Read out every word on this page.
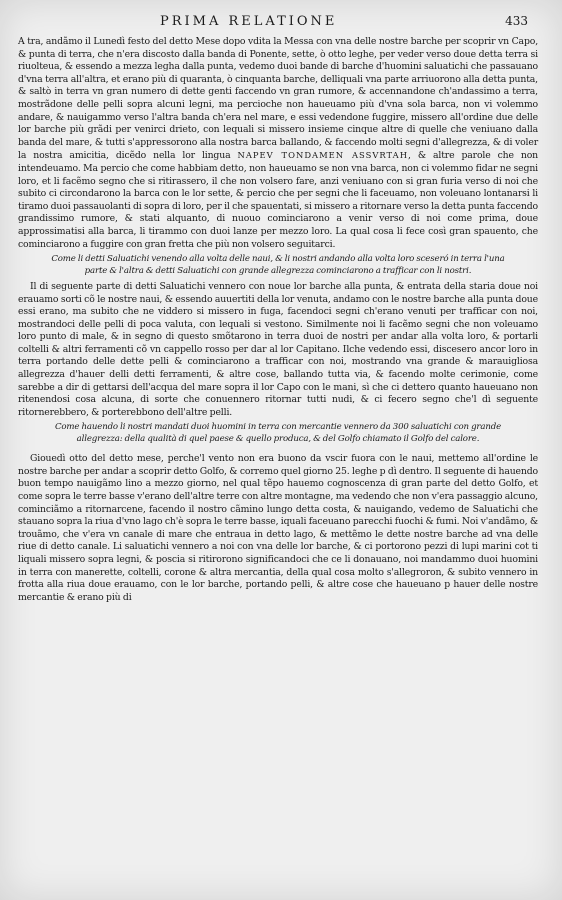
PRIMA RELATIONE	433

A tra, andãmo il Lunedì festo del detto Mese dopo vdita la Messa con vna delle nostre barche per scoprir vn Capo, & punta di terra, che n'era discosto dalla banda di Ponente, sette, ò otto leghe, per veder verso doue detta terra si riuolteua, & essendo a mezza legha dalla punta, vedemo duoi bande di barche d'huomini saluatichi che passauano d'vna terra all'altra, et erano più di quaranta, ò cinquanta barche, delliquali vna parte arriuorono alla detta punta, & saltò in terra vn gran numero di dette genti faccendo vn gran rumore, & accennandone ch'andassimo a terra, mostrãdone delle pelli sopra alcuni legni, ma percioche non haueuamo più d'vna sola barca, non vi volemmo andare, & nauigammo verso l'altra banda ch'era nel mare, e essi vedendone fuggire, missero all'ordine due delle lor barche più grãdi per venirci drieto, con lequali si missero insieme cinque altre di quelle che veniuano dalla banda del mare, & tutti s'appressorono alla nostra barca ballando, & faccendo molti segni d'allegrezza, & di voler la nostra amicitia, dicẽdo nella lor lingua NAPEV TONDAMEN ASSVRTAH, & altre parole che non intendeuamo. Ma percio che come habbiam detto, non haueuamo se non vna barca, non ci volemmo fidar ne segni loro, et li facẽmo segno che si ritirassero, il che non volsero fare, anzi veniuano con si gran furia verso di noi che subito ci circondarono la barca con le lor sette, & percio che per segni che li faceuamo, non voleuano lontanarsi li tiramo duoi passauolanti di sopra di loro, per il che spauentati, si missero a ritornare verso la detta punta faccendo grandissimo rumore, & stati alquanto, di nuouo cominciarono a venir verso di noi come prima, doue approssimatisi alla barca, li tirammo con duoi lanze per mezzo loro. La qual cosa li fece così gran spauento, che cominciarono a fuggire con gran fretta che più non volsero seguitarci.

Come li detti Saluatichi venendo alla volta delle naui, & li nostri andando alla volta loro sceseró in terra l'una parte & l'altra & detti Saluatichi con grande allegrezza cominciarono a trafficar con li nostri.

Il di seguente parte di detti Saluatichi vennero con noue lor barche alla punta, & entrata della staria doue noi erauamo sorti cõ le nostre naui, & essendo auuertiti della lor venuta, andamo con le nostre barche alla punta doue essi erano, ma subito che ne viddero si missero in fuga, facendoci segni ch'erano venuti per trafficar con noi, mostrandoci delle pelli di poca valuta, con lequali si vestono. Similmente noi li facẽmo segni che non voleuamo loro punto di male, & in segno di questo smõtarono in terra duoi de nostri per andar alla volta loro, & portarli coltelli & altri ferramenti cõ vn cappello rosso per dar al lor Capitano. Ilche vedendo essi, discesero ancor loro in terra portando delle dette pelli & cominciarono a trafficar con noi, mostrando vna grande & marauigliosa allegrezza d'hauer delli detti ferramenti, & altre cose, ballando tutta via, & facendo molte cerimonie, come sarebbe a dir di gettarsi dell'acqua del mare sopra il lor Capo con le mani, sì che ci dettero quanto haueuano non ritenendosi cosa alcuna, di sorte che conuennero ritornar tutti nudi, & ci fecero segno che'l dì seguente ritornerebbero, & porterebbono dell'altre pelli.

Come hauendo li nostri mandati duoi huomini in terra con mercantie vennero da 300 saluatichi con grande allegrezza: della qualità di quel paese & quello produca, & del Golfo chiamato il Golfo del calore.

Giouedì otto del detto mese, perche'l vento non era buono da vscir fuora con le naui, mettemo all'ordine le nostre barche per andar a scoprir detto Golfo, & corremo quel giorno 25. leghe p dì dentro. Il seguente di hauendo buon tempo nauigãmo lino a mezzo giorno, nel qual tẽpo hauemo cognoscenza di gran parte del detto Golfo, et come sopra le terre basse v'erano dell'altre terre con altre montagne, ma vedendo che non v'era passaggio alcuno, cominciãmo a ritornarcene, facendo il nostro cãmino lungo detta costa, & nauigando, vedemo de Saluatichi che stauano sopra la riua d'vno lago ch'è sopra le terre basse, iquali faceuano parecchi fuochi & fumi. Noi v'andãmo, & trouãmo, che v'era vn canale di mare che entraua in detto lago, & mettẽmo le dette nostre barche ad vna delle riue di detto canale. Li saluatichi vennero a noi con vna delle lor barche, & ci portorono pezzi di lupi marini cot ti liquali missero sopra legni, & poscia si ritirorono significandoci che ce li donauano, noi mandammo duoi huomini in terra con manerette, coltelli, corone & altra mercantia, della qual cosa molto s'allegroron, & subito vennero in frotta alla riua doue erauamo, con le lor barche, portando pelli, & altre cose che haueuano p hauer delle nostre mercantie & erano più di
